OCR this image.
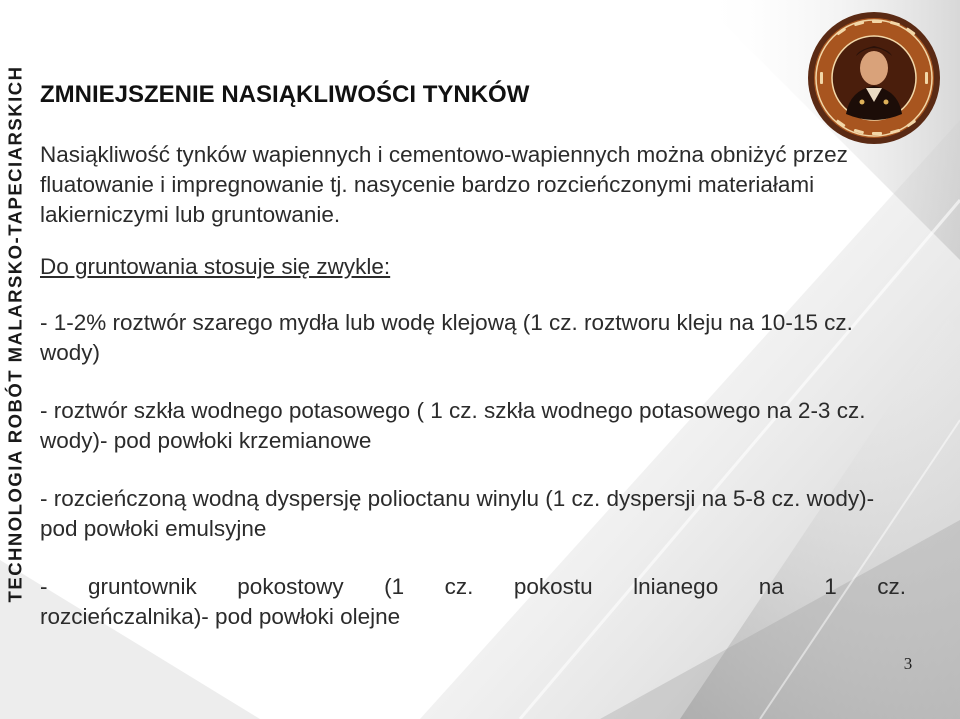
TECHNOLOGIA ROBÓT MALARSKO-TAPECIARSKICH ZMNIEJSZENIE NASIĄKLIWOŚCI TYNKÓW
Nasiąkliwość tynków wapiennych i cementowo-wapiennych można obniżyć przez fluatowanie i impregnowanie tj. nasycenie bardzo rozcieńczonymi materiałami lakierniczymi lub gruntowanie.
Do gruntowania stosuje się zwykle:
- 1-2% roztwór szarego mydła lub wodę klejową (1 cz. roztworu kleju na 10-15 cz. wody)
- roztwór szkła wodnego potasowego ( 1 cz. szkła wodnego potasowego na 2-3 cz. wody)- pod powłoki krzemianowe
- rozcieńczoną wodną dyspersję polioctanu winylu (1 cz. dyspersji na 5-8 cz. wody)- pod powłoki emulsyjne
- gruntownik pokostowy (1 cz. pokostu lnianego na 1 cz.
rozcieńczalnika)- pod powłoki olejne
3
